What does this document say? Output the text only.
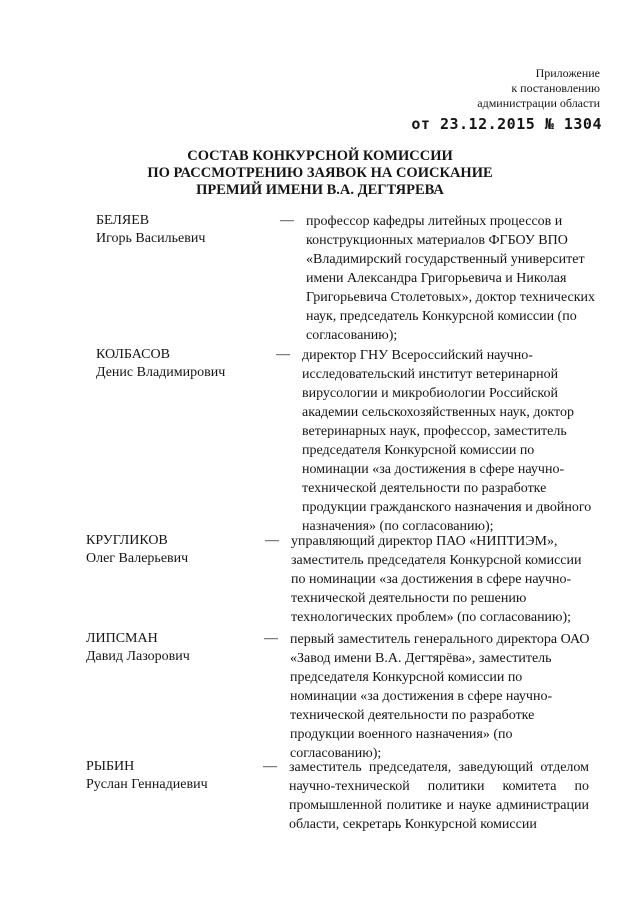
Приложение
к постановлению
администрации области
от 23.12.2015 № 1304
СОСТАВ КОНКУРСНОЙ КОМИССИИ
ПО РАССМОТРЕНИЮ ЗАЯВОК НА СОИСКАНИЕ
ПРЕМИЙ ИМЕНИ В.А. ДЕГТЯРЕВА
БЕЛЯЕВ
Игорь Васильевич
— профессор кафедры литейных процессов и конструкционных материалов ФГБОУ ВПО «Владимирский государственный университет имени Александра Григорьевича и Николая Григорьевича Столетовых», доктор технических наук, председатель Конкурсной комиссии (по согласованию);
КОЛБАСОВ
Денис Владимирович
— директор ГНУ Всероссийский научно-исследовательский институт ветеринарной вирусологии и микробиологии Российской академии сельскохозяйственных наук, доктор ветеринарных наук, профессор, заместитель председателя Конкурсной комиссии по номинации «за достижения в сфере научно-технической деятельности по разработке продукции гражданского назначения и двойного назначения» (по согласованию);
КРУГЛИКОВ
Олег Валерьевич
— управляющий директор ПАО «НИПТИЭМ», заместитель председателя Конкурсной комиссии по номинации «за достижения в сфере научно-технической деятельности по решению технологических проблем» (по согласованию);
ЛИПСМАН
Давид Лазорович
— первый заместитель генерального директора ОАО «Завод имени В.А. Дегтярёва», заместитель председателя Конкурсной комиссии по номинации «за достижения в сфере научно-технической деятельности по разработке продукции военного назначения» (по согласованию);
РЫБИН
Руслан Геннадиевич
— заместитель председателя, заведующий отделом научно-технической политики комитета по промышленной политике и науке администрации области, секретарь Конкурсной комиссии
